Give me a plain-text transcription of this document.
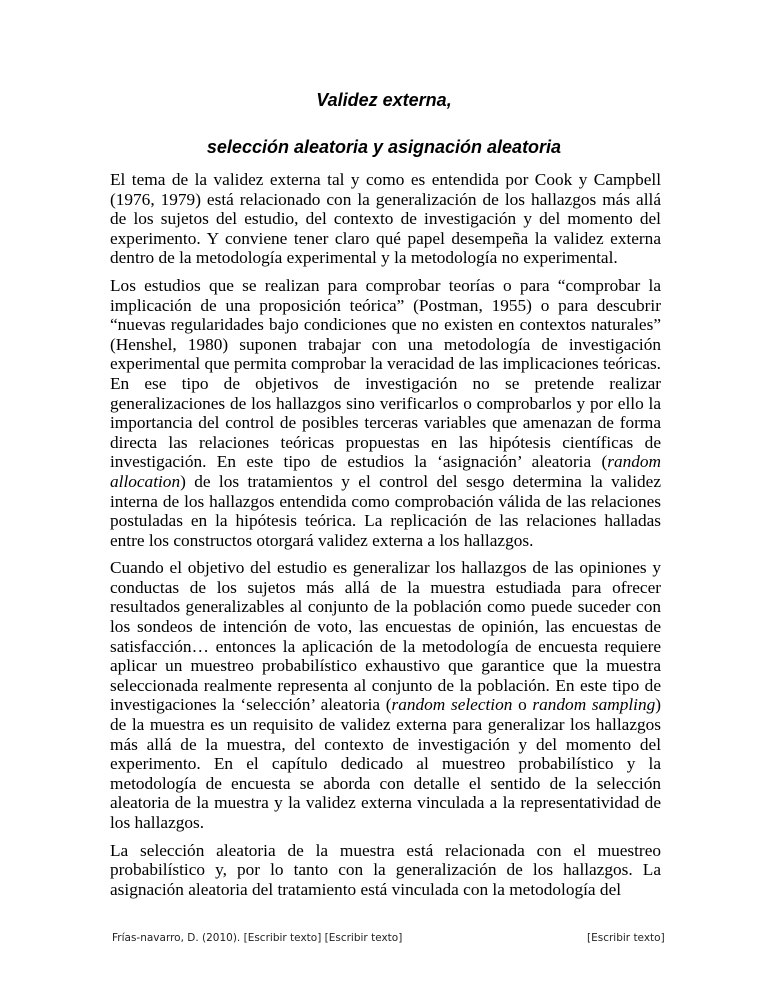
Validez externa,
selección aleatoria y asignación aleatoria

El tema de la validez externa tal y como es entendida por Cook y Campbell (1976, 1979) está relacionado con la generalización de los hallazgos más allá de los sujetos del estudio, del contexto de investigación y del momento del experimento. Y conviene tener claro qué papel desempeña la validez externa dentro de la metodología experimental y la metodología no experimental.

Los estudios que se realizan para comprobar teorías o para “comprobar la implicación de una proposición teórica” (Postman, 1955) o para descubrir “nuevas regularidades bajo condiciones que no existen en contextos naturales” (Henshel, 1980) suponen trabajar con una metodología de investigación experimental que permita comprobar la veracidad de las implicaciones teóricas. En ese tipo de objetivos de investigación no se pretende realizar generalizaciones de los hallazgos sino verificarlos o comprobarlos y por ello la importancia del control de posibles terceras variables que amenazan de forma directa las relaciones teóricas propuestas en las hipótesis científicas de investigación. En este tipo de estudios la ‘asignación’ aleatoria (random allocation) de los tratamientos y el control del sesgo determina la validez interna de los hallazgos entendida como comprobación válida de las relaciones postuladas en la hipótesis teórica. La replicación de las relaciones halladas entre los constructos otorgará validez externa a los hallazgos.

Cuando el objetivo del estudio es generalizar los hallazgos de las opiniones y conductas de los sujetos más allá de la muestra estudiada para ofrecer resultados generalizables al conjunto de la población como puede suceder con los sondeos de intención de voto, las encuestas de opinión, las encuestas de satisfacción… entonces la aplicación de la metodología de encuesta requiere aplicar un muestreo probabilístico exhaustivo que garantice que la muestra seleccionada realmente representa al conjunto de la población. En este tipo de investigaciones la ‘selección’ aleatoria (random selection o random sampling) de la muestra es un requisito de validez externa para generalizar los hallazgos más allá de la muestra, del contexto de investigación y del momento del experimento. En el capítulo dedicado al muestreo probabilístico y la metodología de encuesta se aborda con detalle el sentido de la selección aleatoria de la muestra y la validez externa vinculada a la representatividad de los hallazgos.

La selección aleatoria de la muestra está relacionada con el muestreo probabilístico y, por lo tanto con la generalización de los hallazgos. La asignación aleatoria del tratamiento está vinculada con la metodología del

Frías-navarro, D. (2010). [Escribir texto] [Escribir texto]	[Escribir texto]
